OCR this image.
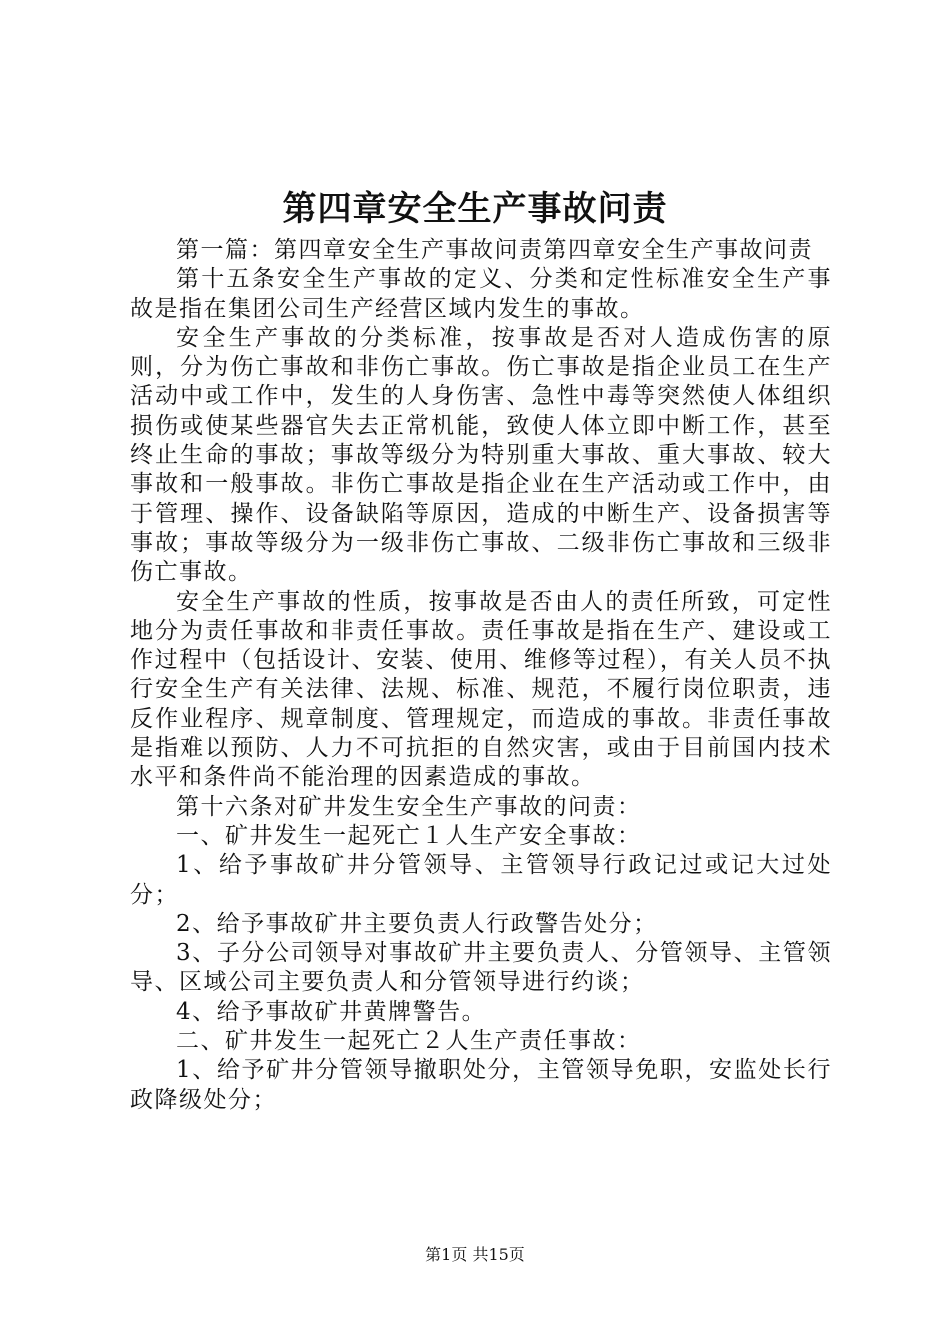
第四章安全生产事故问责

第一篇：第四章安全生产事故问责第四章安全生产事故问责

第十五条安全生产事故的定义、分类和定性标准安全生产事故是指在集团公司生产经营区域内发生的事故。

安全生产事故的分类标准，按事故是否对人造成伤害的原则，分为伤亡事故和非伤亡事故。伤亡事故是指企业员工在生产活动中或工作中，发生的人身伤害、急性中毒等突然使人体组织损伤或使某些器官失去正常机能，致使人体立即中断工作，甚至终止生命的事故；事故等级分为特别重大事故、重大事故、较大事故和一般事故。非伤亡事故是指企业在生产活动或工作中，由于管理、操作、设备缺陷等原因，造成的中断生产、设备损害等事故；事故等级分为一级非伤亡事故、二级非伤亡事故和三级非伤亡事故。

安全生产事故的性质，按事故是否由人的责任所致，可定性地分为责任事故和非责任事故。责任事故是指在生产、建设或工作过程中（包括设计、安装、使用、维修等过程），有关人员不执行安全生产有关法律、法规、标准、规范，不履行岗位职责，违反作业程序、规章制度、管理规定，而造成的事故。非责任事故是指难以预防、人力不可抗拒的自然灾害，或由于目前国内技术水平和条件尚不能治理的因素造成的事故。

第十六条对矿井发生安全生产事故的问责：

一、矿井发生一起死亡１人生产安全事故：

1、给予事故矿井分管领导、主管领导行政记过或记大过处分；

2、给予事故矿井主要负责人行政警告处分；

3、子分公司领导对事故矿井主要负责人、分管领导、主管领导、区域公司主要负责人和分管领导进行约谈；

4、给予事故矿井黄牌警告。

二、矿井发生一起死亡２人生产责任事故：

1、给予矿井分管领导撤职处分，主管领导免职，安监处长行政降级处分；

第1页 共15页
